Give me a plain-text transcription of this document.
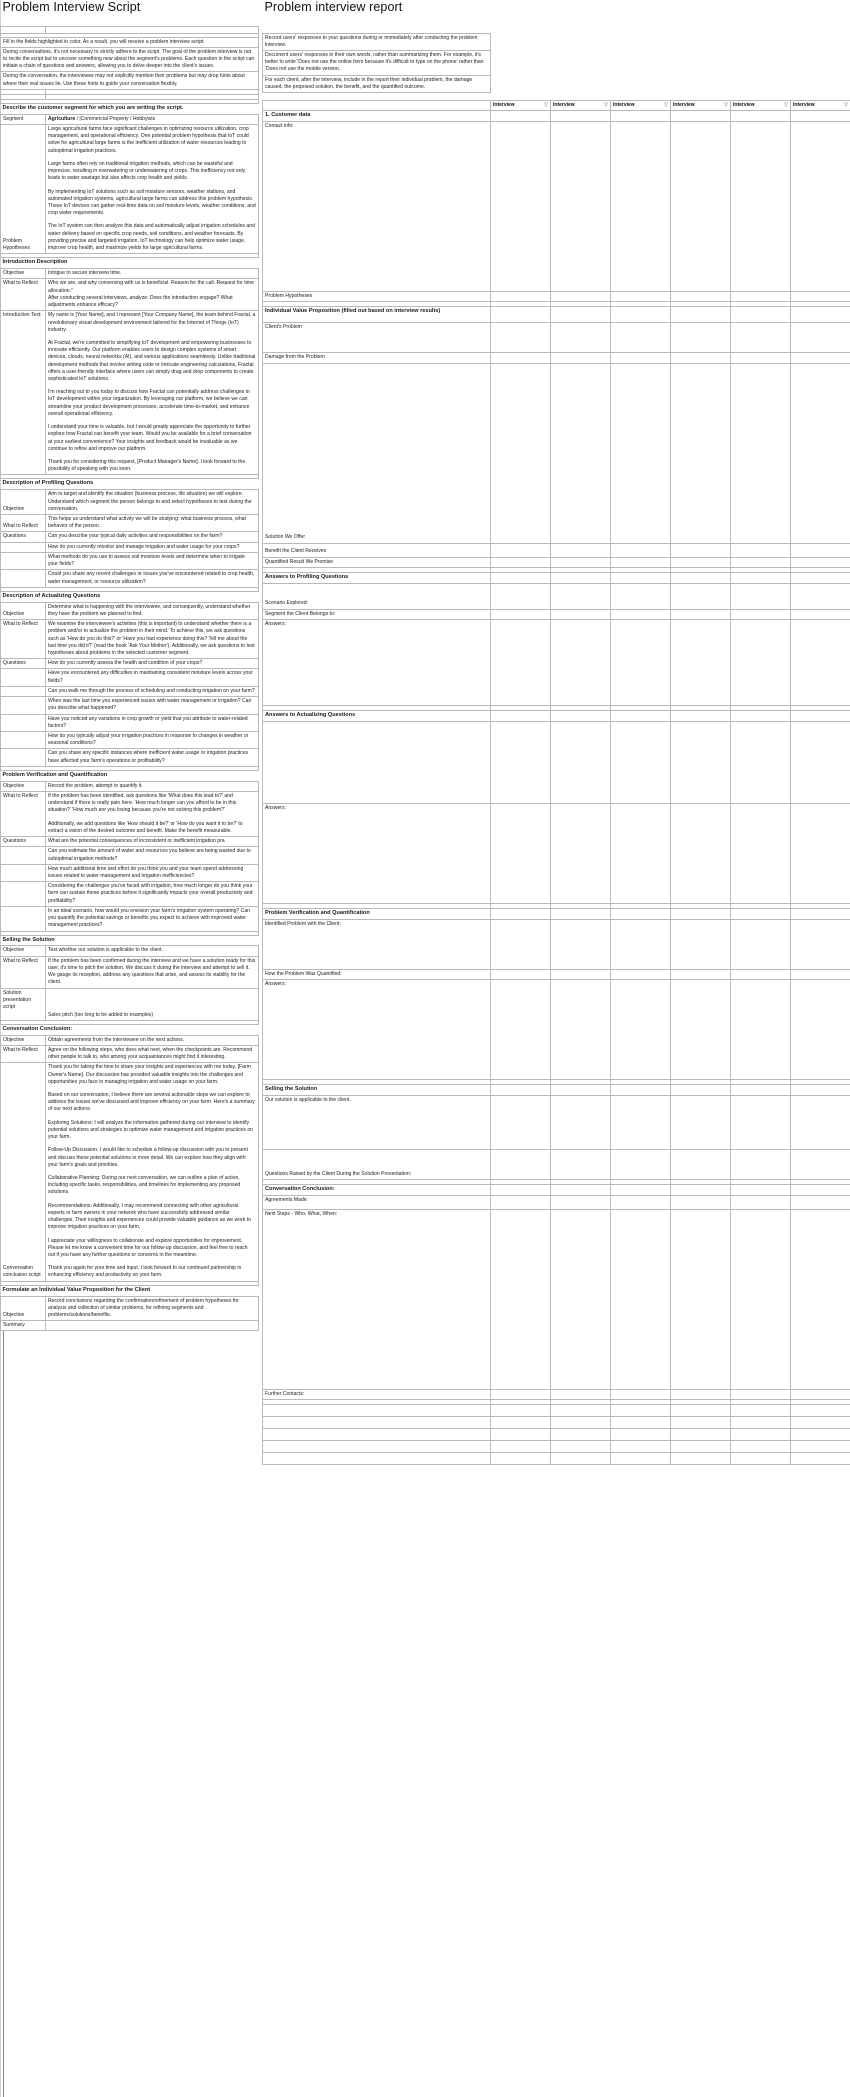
Problem Interview Script	

Fill in the fields highlighted in color. As a result, you will receive a problem interview script.	
During conversations, it's not necessary to strictly adhere to the script. The goal of the problem interview is not to recite the script but to uncover something new about the segment's problems. Each question in the script can initiate a chain of questions and answers, allowing you to delve deeper into the client's issues.	
During the conversation, the interviewee may not explicitly mention their problems but may drop hints about where their real issues lie. Use these hints to guide your conversation flexibly.	

Describe the customer segment for which you are writing the script.	
Segment	Agriculture / |Commercial Property / Hobbyists
Problem Hypotheses	Large agricultural farms face significant challenges in optimizing resource utilization, crop management, and operational efficiency. One potential problem hypothesis that IoT could solve for agricultural large farms is the inefficient utilization of water resources leading to suboptimal irrigation practices.

Large farms often rely on traditional irrigation methods, which can be wasteful and imprecise, resulting in overwatering or underwatering of crops. This inefficiency not only leads to water wastage but also affects crop health and yields.

By implementing IoT solutions such as soil moisture sensors, weather stations, and automated irrigation systems, agricultural large farms can address this problem hypothesis. These IoT devices can gather real-time data on soil moisture levels, weather conditions, and crop water requirements.

The IoT system can then analyze this data and automatically adjust irrigation schedules and water delivery based on specific crop needs, soil conditions, and weather forecasts. By providing precise and targeted irrigation, IoT technology can help optimize water usage, improve crop health, and maximize yields for large agricultural farms.

Introduction Description	
Objective	Intrigue to secure interview time.

What to Reflect	Who we are, and why conversing with us is beneficial. Reason for the call. Request for time allocation."

After conducting several interviews, analyze: Does the introduction engage? What adjustments enhance efficacy?

Introduction Text:	My name is [Your Name], and I represent [Your Company Name], the team behind Fractal, a revolutionary visual development environment tailored for the Internet of Things (IoT) industry.

At Fractal, we're committed to simplifying IoT development and empowering businesses to innovate efficiently. Our platform enables users to design complex systems of smart devices, clouds, neural networks (AI), and various applications seamlessly. Unlike traditional development methods that involve writing code or intricate engineering calculations, Fractal offers a user-friendly interface where users can simply drag and drop components to create sophisticated IoT solutions.

I'm reaching out to you today to discuss how Fractal can potentially address challenges in IoT development within your organization. By leveraging our platform, we believe we can streamline your product development processes, accelerate time-to-market, and enhance overall operational efficiency.

I understand your time is valuable, but I would greatly appreciate the opportunity to further explore how Fractal can benefit your team. Would you be available for a brief conversation at your earliest convenience? Your insights and feedback would be invaluable as we continue to refine and improve our platform.

Thank you for considering this request, [Product Manager's Name]. I look forward to the possibility of speaking with you soon.

Description of Profiling Questions	
Objective	Aim to target and identify the situation (business process, life situation) we will explore. Understand which segment the person belongs to and select hypotheses to test during the conversation.

What to Reflect	This helps us understand what activity we will be studying: what business process, what behavior of the person.

Questions	Can you describe your typical daily activities and responsibilities on the farm?

	How do you currently monitor and manage irrigation and water usage for your crops?

	What methods do you use to assess soil moisture levels and determine when to irrigate your fields?

	Could you share any recent challenges or issues you've encountered related to crop health, water management, or resource utilization?

Description of Actualizing Questions	
Objective	Determine what is happening with the interviewee, and consequently, understand whether they have the problem we planned to find.

What to Reflect	We examine the interviewee's activities (this is important) to understand whether there is a problem and/or to actualize the problem in their mind. To achieve this, we ask questions such as 'How do you do this?' or 'Have you had experience doing this? Tell me about the last time you did it?' (read the book 'Ask Your Mother'). Additionally, we ask questions to test hypotheses about problems in the selected customer segment.

Questions	How do you currently assess the health and condition of your crops?

	Have you encountered any difficulties in maintaining consistent moisture levels across your fields?

	Can you walk me through the process of scheduling and conducting irrigation on your farm?

	When was the last time you experienced issues with water management or irrigation? Can you describe what happened?

	Have you noticed any variations in crop growth or yield that you attribute to water-related factors?

	How do you typically adjust your irrigation practices in response to changes in weather or seasonal conditions?

	Can you share any specific instances where inefficient water usage or irrigation practices have affected your farm's operations or profitability?

Problem Verification and Quantification	
Objective	Record the problem, attempt to quantify it.

What to Reflect	If the problem has been identified, ask questions like 'What does this lead to?' and understand if there is really pain here. 'How much longer can you afford to be in this situation?' 'How much are you losing because you're not solving this problem?'

Additionally, we add questions like 'How should it be?' or 'How do you want it to be?' to extract a vision of the desired outcome and benefit. Make the benefit measurable.

Questions	What are the potential consequences of inconsistent or inefficient irrigation pra

	Can you estimate the amount of water and resources you believe are being wasted due to suboptimal irrigation methods?

	How much additional time and effort do you think you and your team spend addressing issues related to water management and irrigation inefficiencies?

	Considering the challenges you've faced with irrigation, how much longer do you think your farm can sustain these practices before it significantly impacts your overall productivity and profitability?

	In an ideal scenario, how would you envision your farm's irrigation system operating? Can you quantify the potential savings or benefits you expect to achieve with improved water management practices?

Selling the Solution	
Objective	Test whether our solution is applicable to the client.

What to Reflect	If the problem has been confirmed during the interview and we have a solution ready for this user, it's time to pitch the solution. We discuss it during the interview and attempt to sell it. We gauge its reception, address any questions that arise, and assess its viability for the client.

Solution presentation script	Sales pitch (too long to be added to examples)

Conversation Conclusion:	
Objective	Obtain agreements from the interviewee on the next actions.

What to Reflect	Agree on the following steps, who does what next, when the checkpoints are. Recommend other people to talk to, who among your acquaintances might find it interesting.

Conversation conclusion script	

Thank you for taking the time to share your insights and experiences with me today, [Farm Owner's Name]. Our discussion has provided valuable insights into the challenges and opportunities you face in managing irrigation and water usage on your farm.

Based on our conversation, I believe there are several actionable steps we can explore to address the issues we've discussed and improve efficiency on your farm. Here's a summary of our next actions:

Exploring Solutions: I will analyze the information gathered during our interview to identify potential solutions and strategies to optimize water management and irrigation practices on your farm.

Follow-Up Discussion: I would like to schedule a follow-up discussion with you to present and discuss these potential solutions in more detail. We can explore how they align with your farm's goals and priorities.

Collaborative Planning: During our next conversation, we can outline a plan of action, including specific tasks, responsibilities, and timelines for implementing any proposed solutions.

Recommendations: Additionally, I may recommend connecting with other agricultural experts or farm owners in your network who have successfully addressed similar challenges. Their insights and experiences could provide valuable guidance as we work to improve irrigation practices on your farm.

I appreciate your willingness to collaborate and explore opportunities for improvement. Please let me know a convenient time for our follow-up discussion, and feel free to reach out if you have any further questions or concerns in the meantime.

Thank you again for your time and input. I look forward to our continued partnership in enhancing efficiency and productivity on your farm.

Formulate an Individual Value Proposition for the Client	
Objective	Record conclusions regarding the confirmation/refinement of problem hypotheses for analysis and collection of similar problems, for refining segments and problems/solutions/benefits.

Summary	

Problem interview report						

Record users' responses to your questions during or immediately after conducting the problem interview.						
Document users' responses in their own words, rather than summarizing them. For example, it's better to write 'Does not use the online form because it's difficult to type on the phone' rather than 'Does not use the mobile version.						
For each client, after the interview, include in the report their individual problem, the damage caused, the proposed solution, the benefit, and the quantified outcome.						

	▽
Interview	▽
Interview	▽
Interview	▽
Interview	▽
Interview	▽
Interview
1. Customer data						
Contact info:						
Problem Hypotheses						

Individual Value Proposition (filled out based on interview results)						
Client's Problem						
Damage from the Problem						
Solution We Offer						
Benefit the Client Receives						
Quantified Result We Promise						

Answers to Profiling Questions						
Scenario Explored:						
Segment the Client Belongs to:						
Answers:						

Answers to Actualizing Questions						

Answers:						

Problem Verification and Quantification						
Identified Problem with the Client:						
How the Problem Was Quantified:						
Answers:						

Selling the Solution						
Our solution is applicable to the client.						
Questions Raised by the Client During the Solution Presentation:						

Conversation Conclusion:						
Agreements Made:						
Next Steps - Who, What, When:						
Further Contacts:						
